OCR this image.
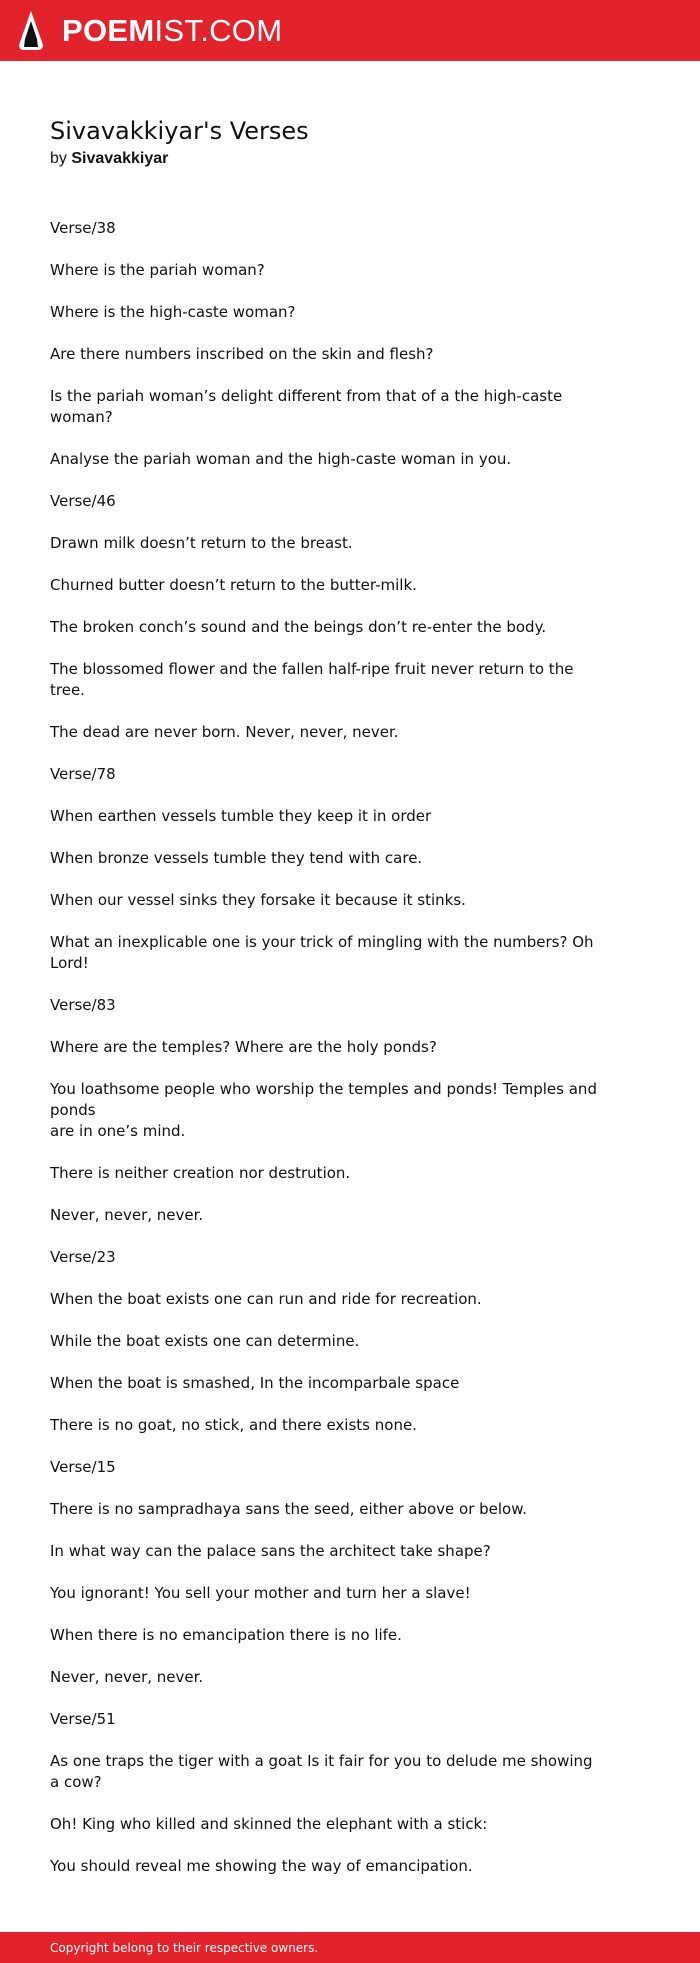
POEMIST.COM
Sivavakkiyar's Verses
by Sivavakkiyar

Verse/38

Where is the pariah woman?

Where is the high-caste woman?

Are there numbers inscribed on the skin and flesh?

Is the pariah woman’s delight different from that of a the high-caste
woman?

Analyse the pariah woman and the high-caste woman in you.

Verse/46

Drawn milk doesn’t return to the breast.

Churned butter doesn’t return to the butter-milk.

The broken conch’s sound and the beings don’t re-enter the body.

The blossomed flower and the fallen half-ripe fruit never return to the
tree.

The dead are never born. Never, never, never.

Verse/78

When earthen vessels tumble they keep it in order

When bronze vessels tumble they tend with care.

When our vessel sinks they forsake it because it stinks.

What an inexplicable one is your trick of mingling with the numbers? Oh
Lord!

Verse/83

Where are the temples? Where are the holy ponds?

You loathsome people who worship the temples and ponds! Temples and ponds
are in one’s mind.

There is neither creation nor destrution.

Never, never, never.

Verse/23

When the boat exists one can run and ride for recreation.

While the boat exists one can determine.

When the boat is smashed, In the incomparbale space

There is no goat, no stick, and there exists none.

Verse/15

There is no sampradhaya sans the seed, either above or below.

In what way can the palace sans the architect take shape?

You ignorant! You sell your mother and turn her a slave!

When there is no emancipation there is no life.

Never, never, never.

Verse/51

As one traps the tiger with a goat Is it fair for you to delude me showing
a cow?

Oh! King who killed and skinned the elephant with a stick:

You should reveal me showing the way of emancipation.

Copyright belong to their respective owners.
